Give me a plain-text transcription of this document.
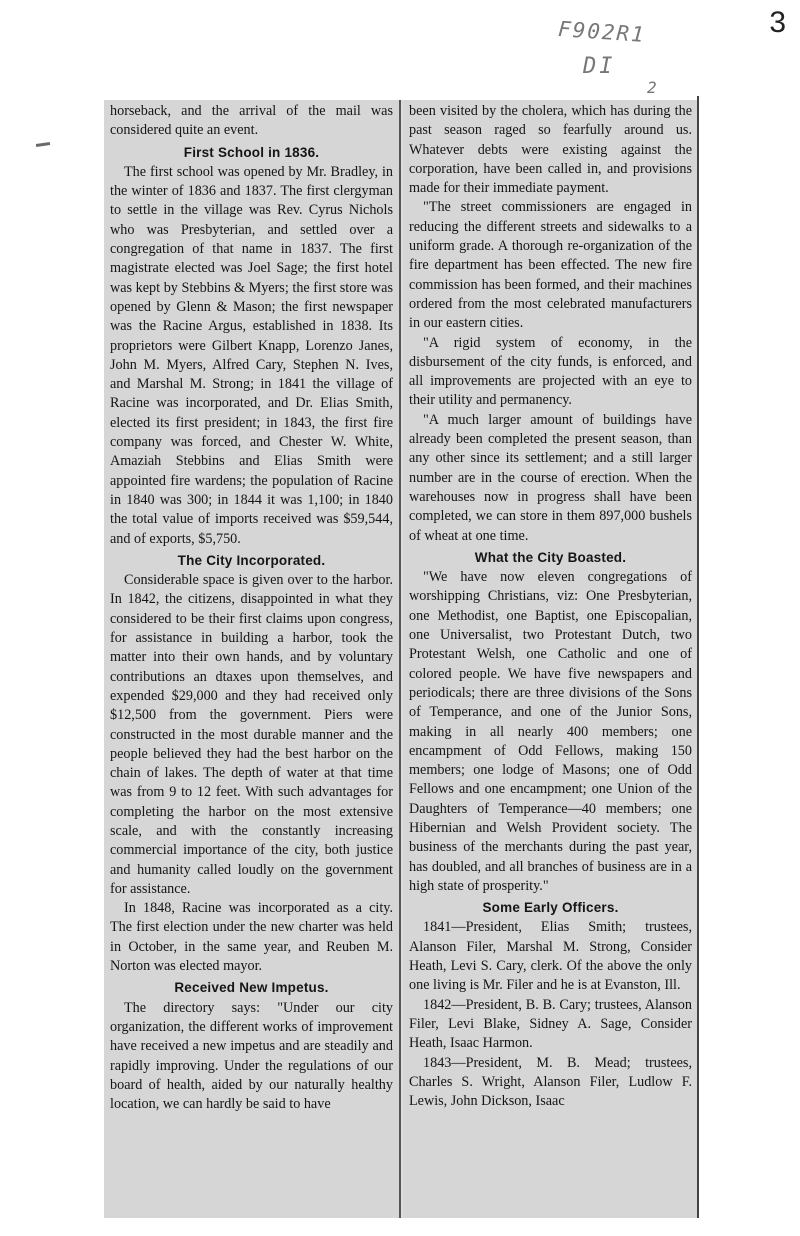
3
F902R1
DI
2

horseback, and the arrival of the mail was considered quite an event.

First School in 1836.

The first school was opened by Mr. Bradley, in the winter of 1836 and 1837. The first clergyman to settle in the village was Rev. Cyrus Nichols who was Presbyterian, and settled over a congregation of that name in 1837. The first magistrate elected was Joel Sage; the first hotel was kept by Stebbins & Myers; the first store was opened by Glenn & Mason; the first newspaper was the Racine Argus, established in 1838. Its proprietors were Gilbert Knapp, Lorenzo Janes, John M. Myers, Alfred Cary, Stephen N. Ives, and Marshal M. Strong; in 1841 the village of Racine was incorporated, and Dr. Elias Smith, elected its first president; in 1843, the first fire company was forced, and Chester W. White, Amaziah Stebbins and Elias Smith were appointed fire wardens; the population of Racine in 1840 was 300; in 1844 it was 1,100; in 1840 the total value of imports received was $59,544, and of exports, $5,750.

The City Incorporated.

Considerable space is given over to the harbor. In 1842, the citizens, disappointed in what they considered to be their first claims upon congress, for assistance in building a harbor, took the matter into their own hands, and by voluntary contributions an dtaxes upon themselves, and expended $29,000 and they had received only $12,500 from the government. Piers were constructed in the most durable manner and the people believed they had the best harbor on the chain of lakes. The depth of water at that time was from 9 to 12 feet. With such advantages for completing the harbor on the most extensive scale, and with the constantly increasing commercial importance of the city, both justice and humanity called loudly on the government for assistance.

In 1848, Racine was incorporated as a city. The first election under the new charter was held in October, in the same year, and Reuben M. Norton was elected mayor.

Received New Impetus.

The directory says: "Under our city organization, the different works of improvement have received a new impetus and are steadily and rapidly improving. Under the regulations of our board of health, aided by our naturally healthy location, we can hardly be said to have

been visited by the cholera, which has during the past season raged so fearfully around us. Whatever debts were existing against the corporation, have been called in, and provisions made for their immediate payment.

"The street commissioners are engaged in reducing the different streets and sidewalks to a uniform grade. A thorough re-organization of the fire department has been effected. The new fire commission has been formed, and their machines ordered from the most celebrated manufacturers in our eastern cities.

"A rigid system of economy, in the disbursement of the city funds, is enforced, and all improvements are projected with an eye to their utility and permanency.

"A much larger amount of buildings have already been completed the present season, than any other since its settlement; and a still larger number are in the course of erection. When the warehouses now in progress shall have been completed, we can store in them 897,000 bushels of wheat at one time.

What the City Boasted.

"We have now eleven congregations of worshipping Christians, viz: One Presbyterian, one Methodist, one Baptist, one Episcopalian, one Universalist, two Protestant Dutch, two Protestant Welsh, one Catholic and one of colored people. We have five newspapers and periodicals; there are three divisions of the Sons of Temperance, and one of the Junior Sons, making in all nearly 400 members; one encampment of Odd Fellows, making 150 members; one lodge of Masons; one of Odd Fellows and one encampment; one Union of the Daughters of Temperance—40 members; one Hibernian and Welsh Provident society. The business of the merchants during the past year, has doubled, and all branches of business are in a high state of prosperity."

Some Early Officers.

1841—President, Elias Smith; trustees, Alanson Filer, Marshal M. Strong, Consider Heath, Levi S. Cary, clerk. Of the above the only one living is Mr. Filer and he is at Evanston, Ill.

1842—President, B. B. Cary; trustees, Alanson Filer, Levi Blake, Sidney A. Sage, Consider Heath, Isaac Harmon.

1843—President, M. B. Mead; trustees, Charles S. Wright, Alanson Filer, Ludlow F. Lewis, John Dickson, Isaac
